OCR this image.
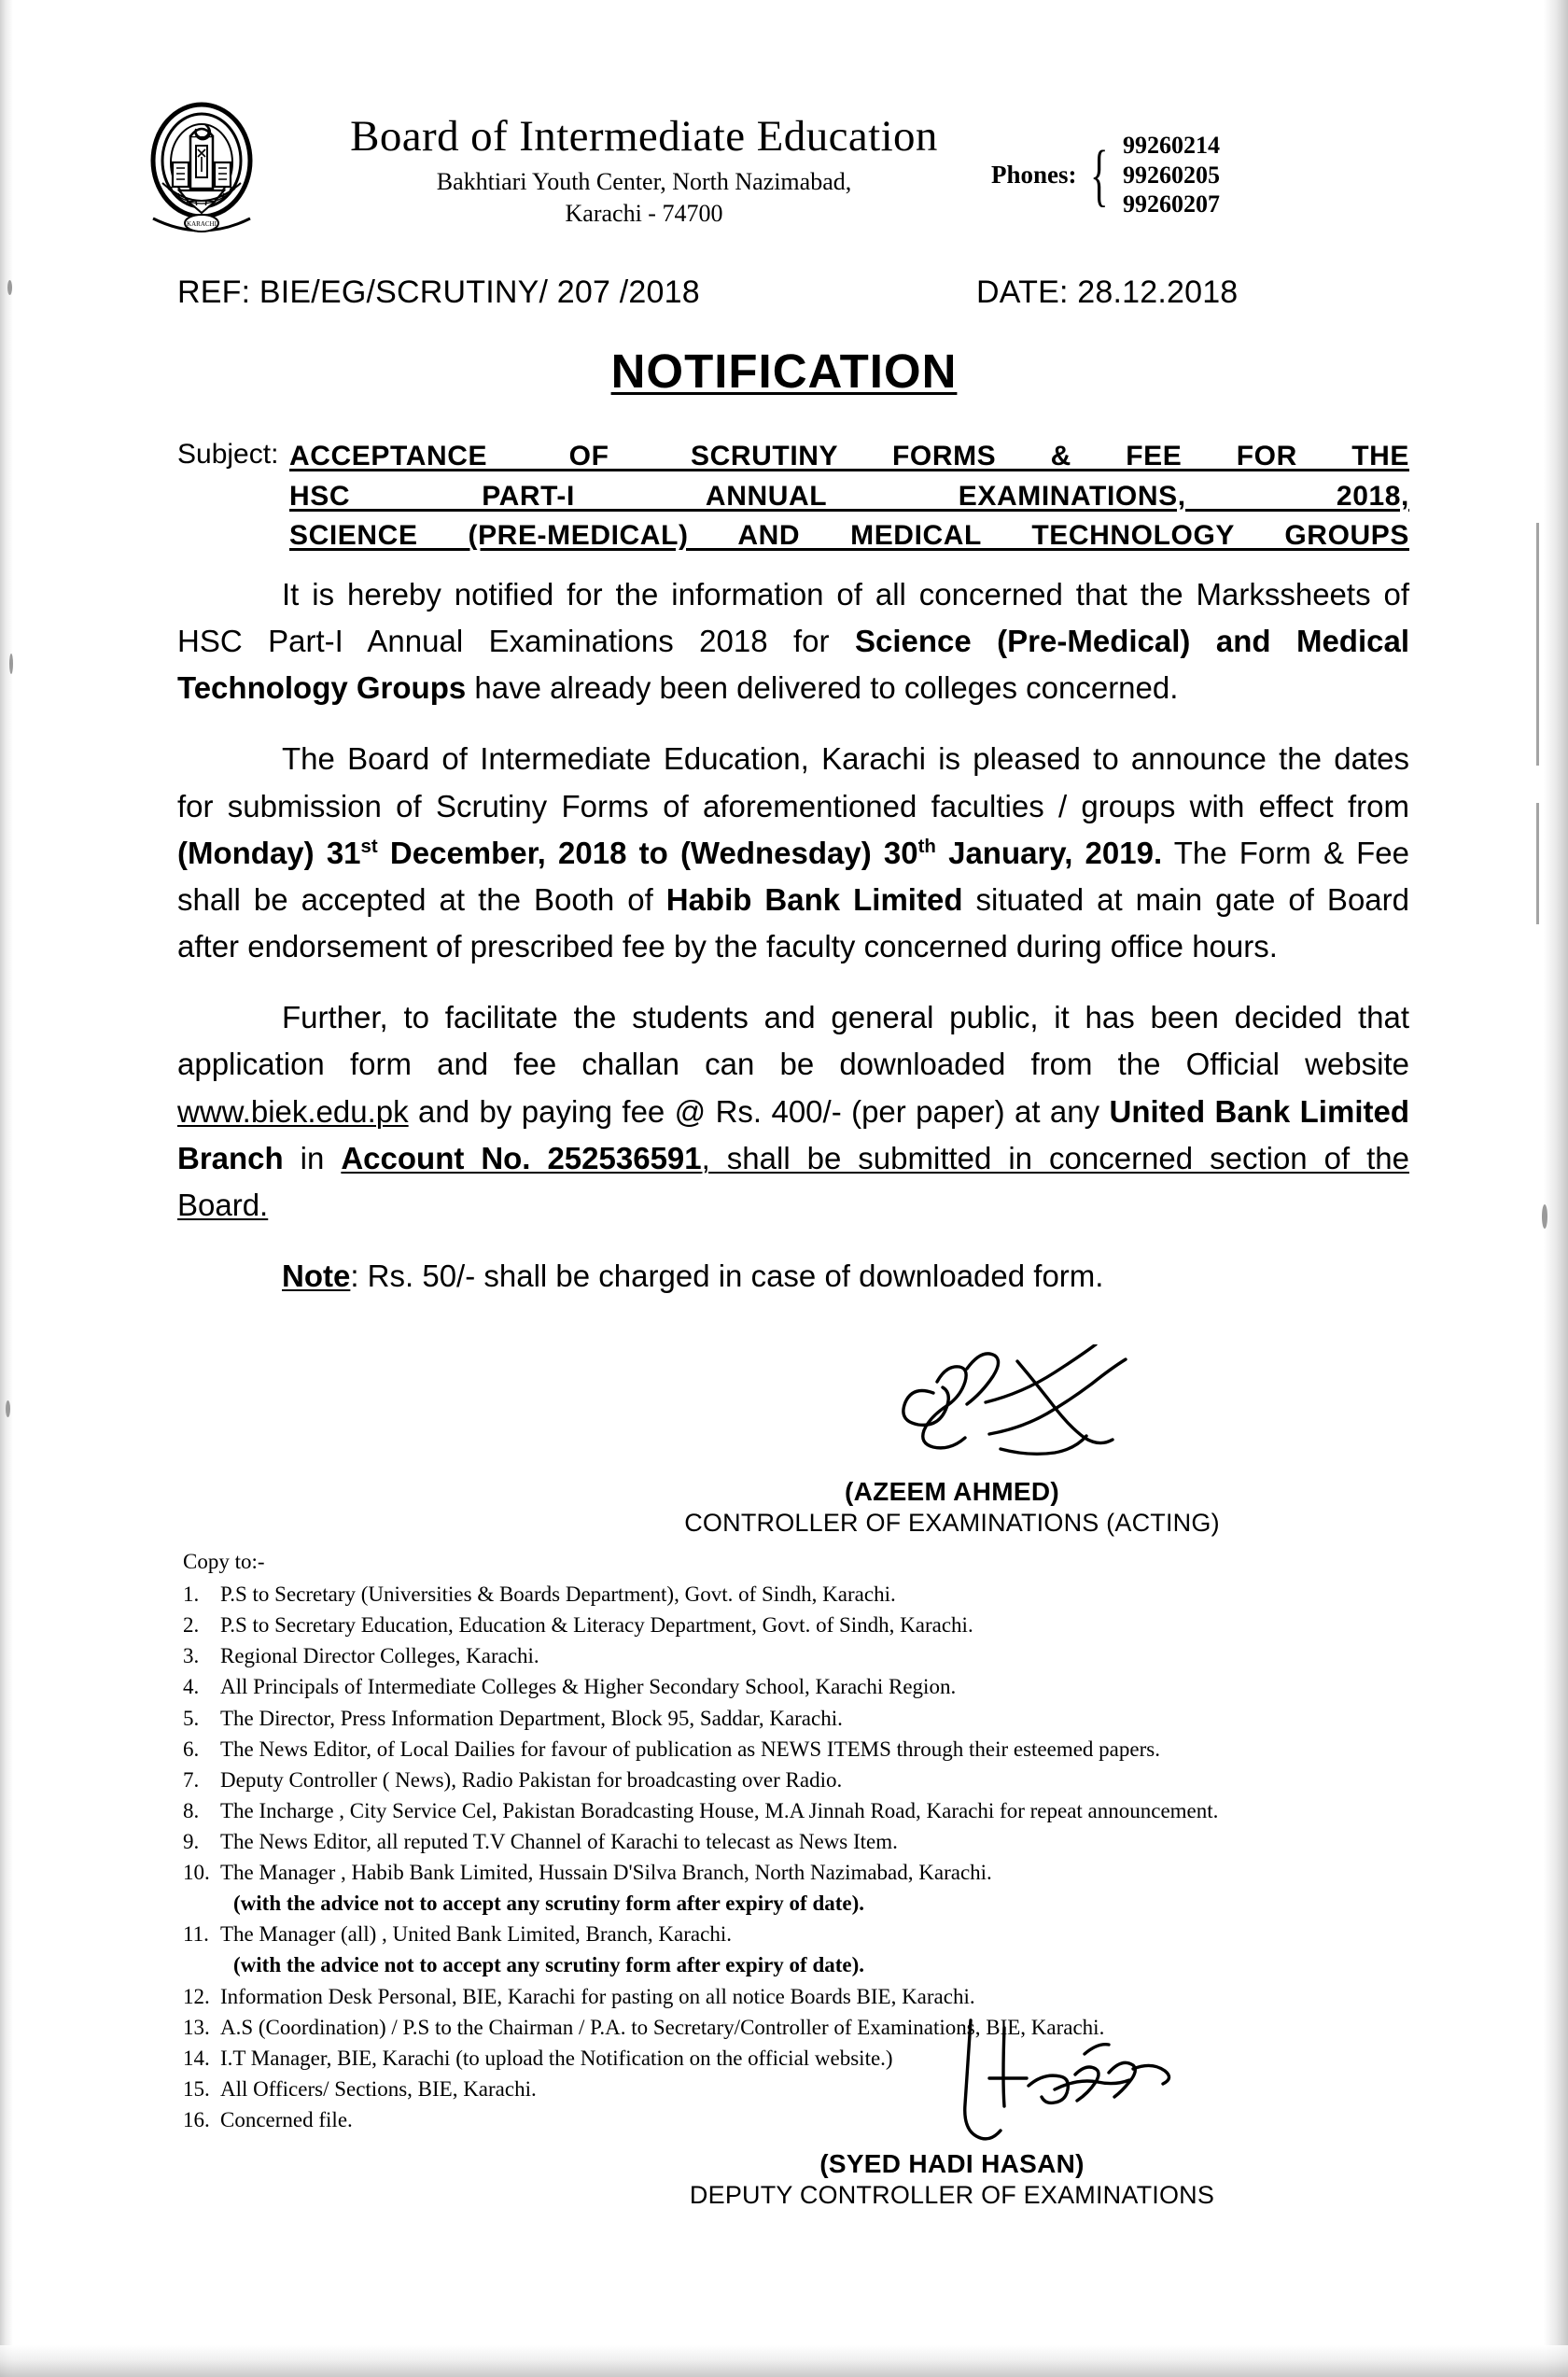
KARACHI
Board of Intermediate Education
Bakhtiari Youth Center, North Nazimabad,
Karachi - 74700
Phones: { 99260214
99260205
99260207
REF: BIE/EG/SCRUTINY/ 207 /2018	DATE: 28.12.2018
NOTIFICATION
Subject: ACCEPTANCE   OF   SCRUTINY  FORMS  &  FEE  FOR  THE
HSC       PART-I       ANNUAL       EXAMINATIONS,        2018,
SCIENCE (PRE-MEDICAL) AND MEDICAL TECHNOLOGY GROUPS

It is hereby notified for the information of all concerned that the Markssheets of HSC Part-I Annual Examinations 2018 for Science (Pre-Medical) and Medical Technology Groups have already been delivered to colleges concerned.

The Board of Intermediate Education, Karachi is pleased to announce the dates for submission of Scrutiny Forms of aforementioned faculties / groups with effect from (Monday) 31st December, 2018 to (Wednesday) 30th January, 2019. The Form & Fee shall be accepted at the Booth of Habib Bank Limited situated at main gate of Board after endorsement of prescribed fee by the faculty concerned during office hours.

Further, to facilitate the students and general public, it has been decided that application form and fee challan can be downloaded from the Official website www.biek.edu.pk and by paying fee @ Rs. 400/- (per paper) at any United Bank Limited Branch in Account No. 252536591, shall be submitted in concerned section of the Board.

Note: Rs. 50/- shall be charged in case of downloaded form.

(AZEEM AHMED)
CONTROLLER OF EXAMINATIONS (ACTING)
Copy to:-
1. P.S to Secretary (Universities & Boards Department), Govt. of Sindh, Karachi.
2. P.S to Secretary Education, Education & Literacy Department, Govt. of Sindh, Karachi.
3. Regional Director Colleges, Karachi.
4. All Principals of Intermediate Colleges & Higher Secondary School, Karachi Region.
5. The Director, Press Information Department, Block 95, Saddar, Karachi.
6. The News Editor, of Local Dailies for favour of publication as NEWS ITEMS through their esteemed papers.
7. Deputy Controller ( News), Radio Pakistan for broadcasting over Radio.
8. The Incharge , City Service Cel, Pakistan Boradcasting House, M.A Jinnah Road, Karachi for repeat announcement.
9. The News Editor, all reputed T.V Channel of Karachi to telecast as News Item.
10. The Manager , Habib Bank Limited, Hussain D'Silva Branch, North Nazimabad, Karachi.
(with the advice not to accept any scrutiny form after expiry of date).
11. The Manager (all) , United Bank Limited, Branch, Karachi.
(with the advice not to accept any scrutiny form after expiry of date).
12. Information Desk Personal, BIE, Karachi for pasting on all notice Boards BIE, Karachi.
13. A.S (Coordination) / P.S to the Chairman / P.A. to Secretary/Controller of Examinations, BIE, Karachi.
14. I.T Manager, BIE, Karachi (to upload the Notification on the official website.)
15. All Officers/ Sections, BIE, Karachi.
16. Concerned file.
(SYED HADI HASAN)
DEPUTY CONTROLLER OF EXAMINATIONS
